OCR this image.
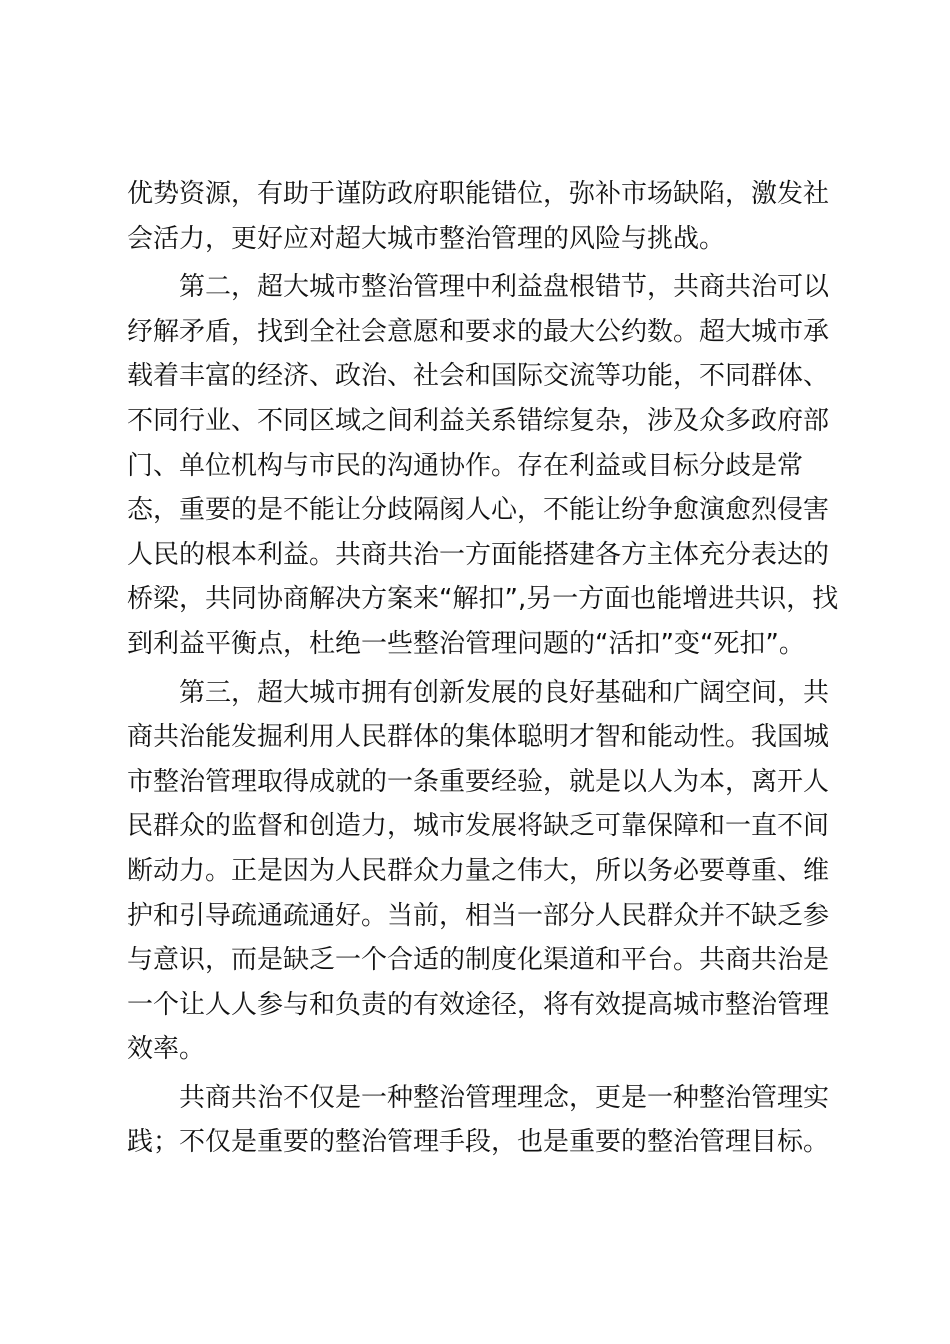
优势资源，有助于谨防政府职能错位，弥补市场缺陷，激发社
会活力，更好应对超大城市整治管理的风险与挑战。
第二，超大城市整治管理中利益盘根错节，共商共治可以
纾解矛盾，找到全社会意愿和要求的最大公约数。超大城市承
载着丰富的经济、政治、社会和国际交流等功能，不同群体、
不同行业、不同区域之间利益关系错综复杂，涉及众多政府部
门、单位机构与市民的沟通协作。存在利益或目标分歧是常
态，重要的是不能让分歧隔阂人心，不能让纷争愈演愈烈侵害
人民的根本利益。共商共治一方面能搭建各方主体充分表达的
桥梁，共同协商解决方案来“解扣”,另一方面也能增进共识，找
到利益平衡点，杜绝一些整治管理问题的“活扣”变“死扣”。
第三，超大城市拥有创新发展的良好基础和广阔空间，共
商共治能发掘利用人民群体的集体聪明才智和能动性。我国城
市整治管理取得成就的一条重要经验，就是以人为本，离开人
民群众的监督和创造力，城市发展将缺乏可靠保障和一直不间
断动力。正是因为人民群众力量之伟大，所以务必要尊重、维
护和引导疏通疏通好。当前，相当一部分人民群众并不缺乏参
与意识，而是缺乏一个合适的制度化渠道和平台。共商共治是
一个让人人参与和负责的有效途径，将有效提高城市整治管理
效率。
共商共治不仅是一种整治管理理念，更是一种整治管理实
践；不仅是重要的整治管理手段，也是重要的整治管理目标。
